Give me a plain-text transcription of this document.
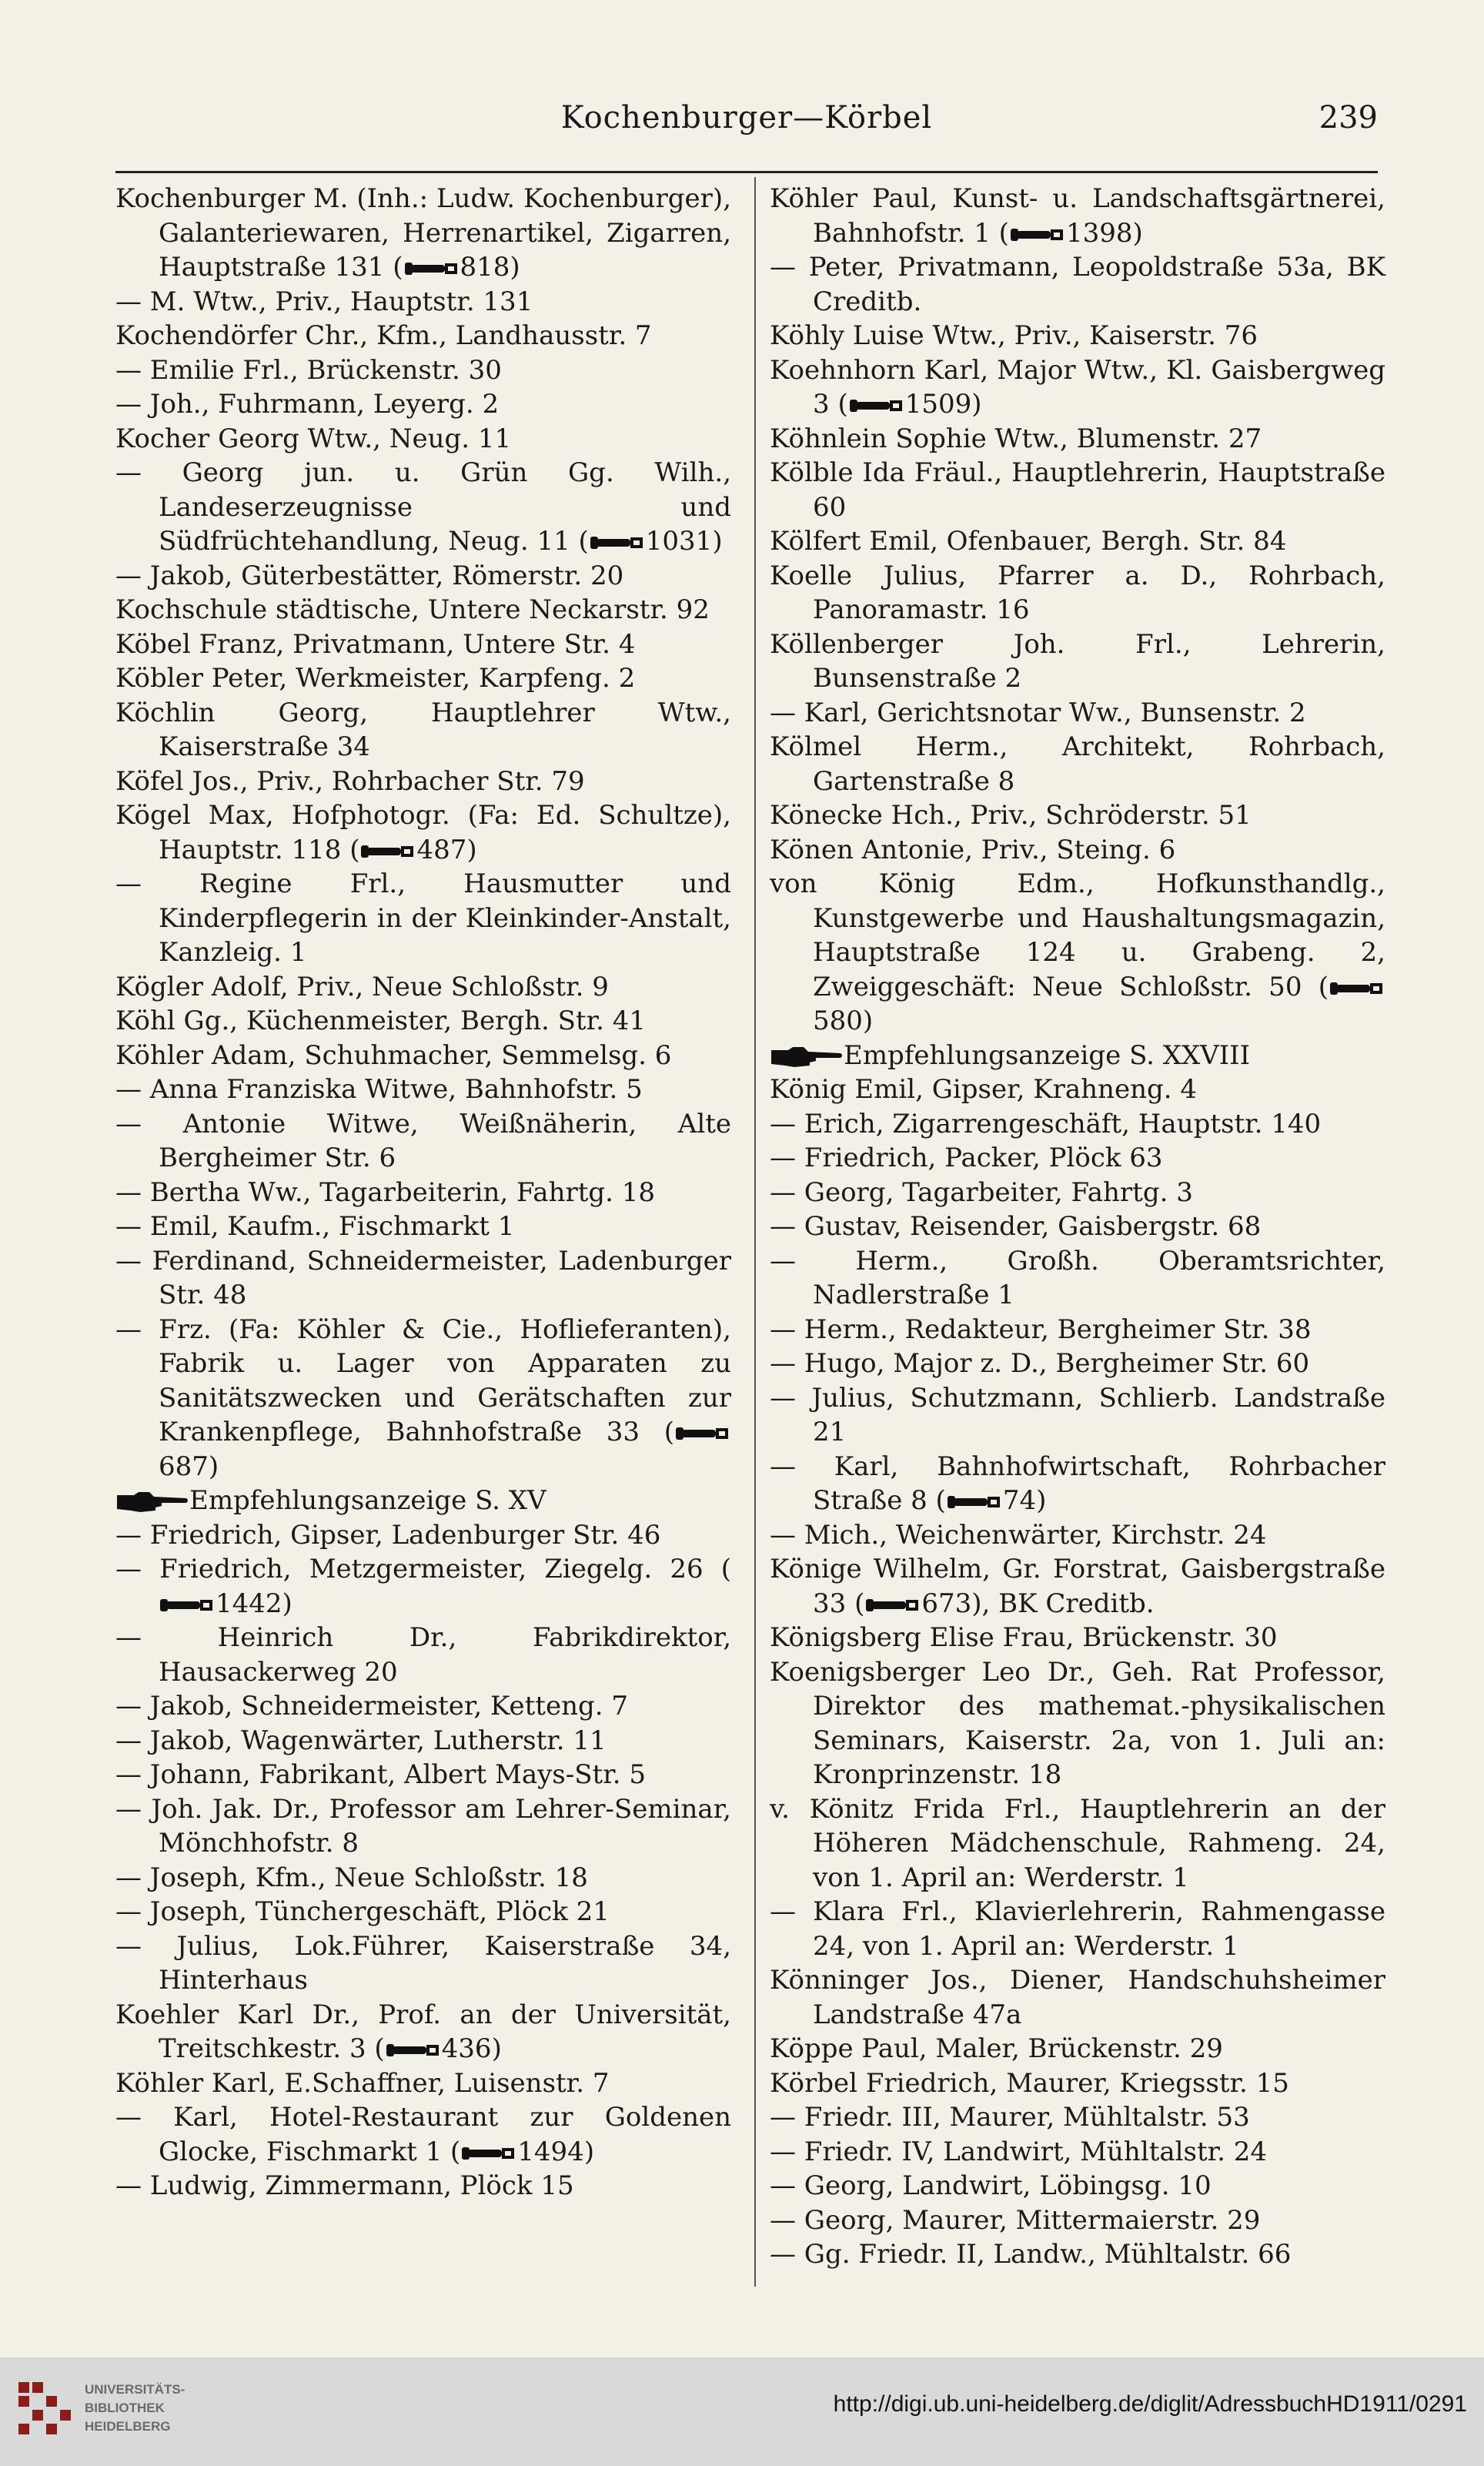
Kochenburger—Körbel	239
Kochenburger M. (Inh.: Ludw. Kochenburger), Galanteriewaren, Herrenartikel, Zigarren, Hauptstraße 131 ( 818)
— M. Wtw., Priv., Hauptstr. 131
Kochendörfer Chr., Kfm., Landhausstr. 7
— Emilie Frl., Brückenstr. 30
— Joh., Fuhrmann, Leyerg. 2
Kocher Georg Wtw., Neug. 11
— Georg jun. u. Grün Gg. Wilh., Landeserzeugnisse und Südfrüchtehandlung, Neug. 11 ( 1031)
— Jakob, Güterbestätter, Römerstr. 20
Kochschule städtische, Untere Neckarstr. 92
Köbel Franz, Privatmann, Untere Str. 4
Köbler Peter, Werkmeister, Karpfeng. 2
Köchlin Georg, Hauptlehrer Wtw., Kaiserstraße 34
Köfel Jos., Priv., Rohrbacher Str. 79
Kögel Max, Hofphotogr. (Fa: Ed. Schultze), Hauptstr. 118 ( 487)
— Regine Frl., Hausmutter und Kinderpflegerin in der Kleinkinder-Anstalt, Kanzleig. 1
Kögler Adolf, Priv., Neue Schloßstr. 9
Köhl Gg., Küchenmeister, Bergh. Str. 41
Köhler Adam, Schuhmacher, Semmelsg. 6
— Anna Franziska Witwe, Bahnhofstr. 5
— Antonie Witwe, Weißnäherin, Alte Bergheimer Str. 6
— Bertha Ww., Tagarbeiterin, Fahrtg. 18
— Emil, Kaufm., Fischmarkt 1
— Ferdinand, Schneidermeister, Ladenburger Str. 48
— Frz. (Fa: Köhler & Cie., Hoflieferanten), Fabrik u. Lager von Apparaten zu Sanitätszwecken und Gerätschaften zur Krankenpflege, Bahnhofstraße 33 (687)
Empfehlungsanzeige S. XV
— Friedrich, Gipser, Ladenburger Str. 46
— Friedrich, Metzgermeister, Ziegelg. 26 (1442)
— Heinrich Dr., Fabrikdirektor, Hausackerweg 20
— Jakob, Schneidermeister, Ketteng. 7
— Jakob, Wagenwärter, Lutherstr. 11
— Johann, Fabrikant, Albert Mays-Str. 5
— Joh. Jak. Dr., Professor am Lehrer-Seminar, Mönchhofstr. 8
— Joseph, Kfm., Neue Schloßstr. 18
— Joseph, Tünchergeschäft, Plöck 21
— Julius, Lok.Führer, Kaiserstraße 34, Hinterhaus
Koehler Karl Dr., Prof. an der Universität, Treitschkestr. 3 ( 436)
Köhler Karl, E.Schaffner, Luisenstr. 7
— Karl, Hotel-Restaurant zur Goldenen Glocke, Fischmarkt 1 ( 1494)
— Ludwig, Zimmermann, Plöck 15
Köhler Paul, Kunst- u. Landschaftsgärtnerei, Bahnhofstr. 1 ( 1398)
— Peter, Privatmann, Leopoldstraße 53a, BK Creditb.
Köhly Luise Wtw., Priv., Kaiserstr. 76
Koehnhorn Karl, Major Wtw., Kl. Gaisbergweg 3 ( 1509)
Köhnlein Sophie Wtw., Blumenstr. 27
Kölble Ida Fräul., Hauptlehrerin, Hauptstraße 60
Kölfert Emil, Ofenbauer, Bergh. Str. 84
Koelle Julius, Pfarrer a. D., Rohrbach, Panoramastr. 16
Köllenberger Joh. Frl., Lehrerin, Bunsenstraße 2
— Karl, Gerichtsnotar Ww., Bunsenstr. 2
Kölmel Herm., Architekt, Rohrbach, Gartenstraße 8
Könecke Hch., Priv., Schröderstr. 51
Könen Antonie, Priv., Steing. 6
von König Edm., Hofkunsthandlg., Kunstgewerbe und Haushaltungsmagazin, Hauptstraße 124 u. Grabeng. 2, Zweiggeschäft: Neue Schloßstr. 50 (580)
Empfehlungsanzeige S. XXVIII
König Emil, Gipser, Krahneng. 4
— Erich, Zigarrengeschäft, Hauptstr. 140
— Friedrich, Packer, Plöck 63
— Georg, Tagarbeiter, Fahrtg. 3
— Gustav, Reisender, Gaisbergstr. 68
— Herm., Großh. Oberamtsrichter, Nadlerstraße 1
— Herm., Redakteur, Bergheimer Str. 38
— Hugo, Major z. D., Bergheimer Str. 60
— Julius, Schutzmann, Schlierb. Landstraße 21
— Karl, Bahnhofwirtschaft, Rohrbacher Straße 8 ( 74)
— Mich., Weichenwärter, Kirchstr. 24
Königе Wilhelm, Gr. Forstrat, Gaisbergstraße 33 ( 673), BK Creditb.
Königsberg Elise Frau, Brückenstr. 30
Koenigsberger Leo Dr., Geh. Rat Professor, Direktor des mathemat.-physikalischen Seminars, Kaiserstr. 2a, von 1. Juli an: Kronprinzenstr. 18
v. Könitz Frida Frl., Hauptlehrerin an der Höheren Mädchenschule, Rahmeng. 24, von 1. April an: Werderstr. 1
— Klara Frl., Klavierlehrerin, Rahmengasse 24, von 1. April an: Werderstr. 1
Könninger Jos., Diener, Handschuhsheimer Landstraße 47a
Köppe Paul, Maler, Brückenstr. 29
Körbel Friedrich, Maurer, Kriegsstr. 15
— Friedr. III, Maurer, Mühltalstr. 53
— Friedr. IV, Landwirt, Mühltalstr. 24
— Georg, Landwirt, Löbingsg. 10
— Georg, Maurer, Mittermaierstr. 29
— Gg. Friedr. II, Landw., Mühltalstr. 66
UNIVERSITÄTS-
BIBLIOTHEK
HEIDELBERG
http://digi.ub.uni-heidelberg.de/diglit/AdressbuchHD1911/0291
